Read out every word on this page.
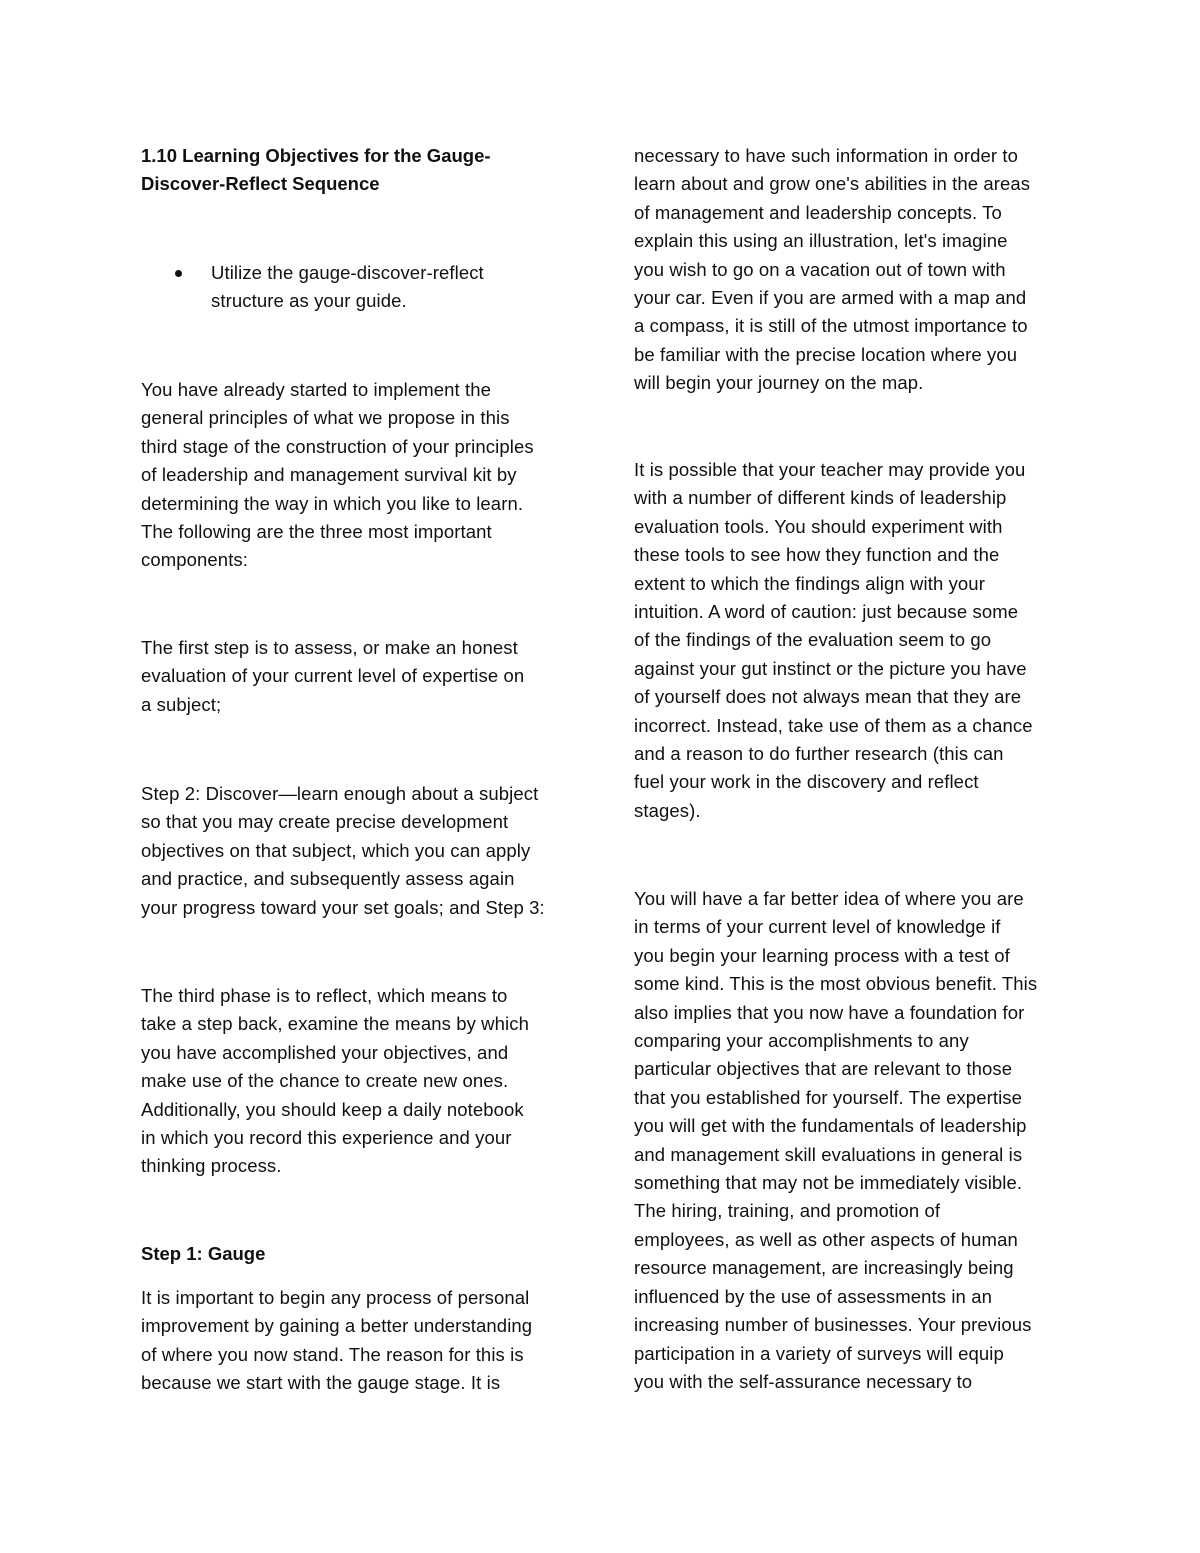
1.10 Learning Objectives for the Gauge-
Discover-Reflect Sequence
Utilize the gauge-discover-reflect
structure as your guide.
You have already started to implement the
general principles of what we propose in this
third stage of the construction of your principles
of leadership and management survival kit by
determining the way in which you like to learn.
The following are the three most important
components:
The first step is to assess, or make an honest
evaluation of your current level of expertise on
a subject;
Step 2: Discover—learn enough about a subject
so that you may create precise development
objectives on that subject, which you can apply
and practice, and subsequently assess again
your progress toward your set goals; and Step 3:
The third phase is to reflect, which means to
take a step back, examine the means by which
you have accomplished your objectives, and
make use of the chance to create new ones.
Additionally, you should keep a daily notebook
in which you record this experience and your
thinking process.
Step 1: Gauge
It is important to begin any process of personal
improvement by gaining a better understanding
of where you now stand. The reason for this is
because we start with the gauge stage. It is
necessary to have such information in order to
learn about and grow one's abilities in the areas
of management and leadership concepts. To
explain this using an illustration, let's imagine
you wish to go on a vacation out of town with
your car. Even if you are armed with a map and
a compass, it is still of the utmost importance to
be familiar with the precise location where you
will begin your journey on the map.
It is possible that your teacher may provide you
with a number of different kinds of leadership
evaluation tools. You should experiment with
these tools to see how they function and the
extent to which the findings align with your
intuition. A word of caution: just because some
of the findings of the evaluation seem to go
against your gut instinct or the picture you have
of yourself does not always mean that they are
incorrect. Instead, take use of them as a chance
and a reason to do further research (this can
fuel your work in the discovery and reflect
stages).
You will have a far better idea of where you are
in terms of your current level of knowledge if
you begin your learning process with a test of
some kind. This is the most obvious benefit. This
also implies that you now have a foundation for
comparing your accomplishments to any
particular objectives that are relevant to those
that you established for yourself. The expertise
you will get with the fundamentals of leadership
and management skill evaluations in general is
something that may not be immediately visible.
The hiring, training, and promotion of
employees, as well as other aspects of human
resource management, are increasingly being
influenced by the use of assessments in an
increasing number of businesses. Your previous
participation in a variety of surveys will equip
you with the self-assurance necessary to
